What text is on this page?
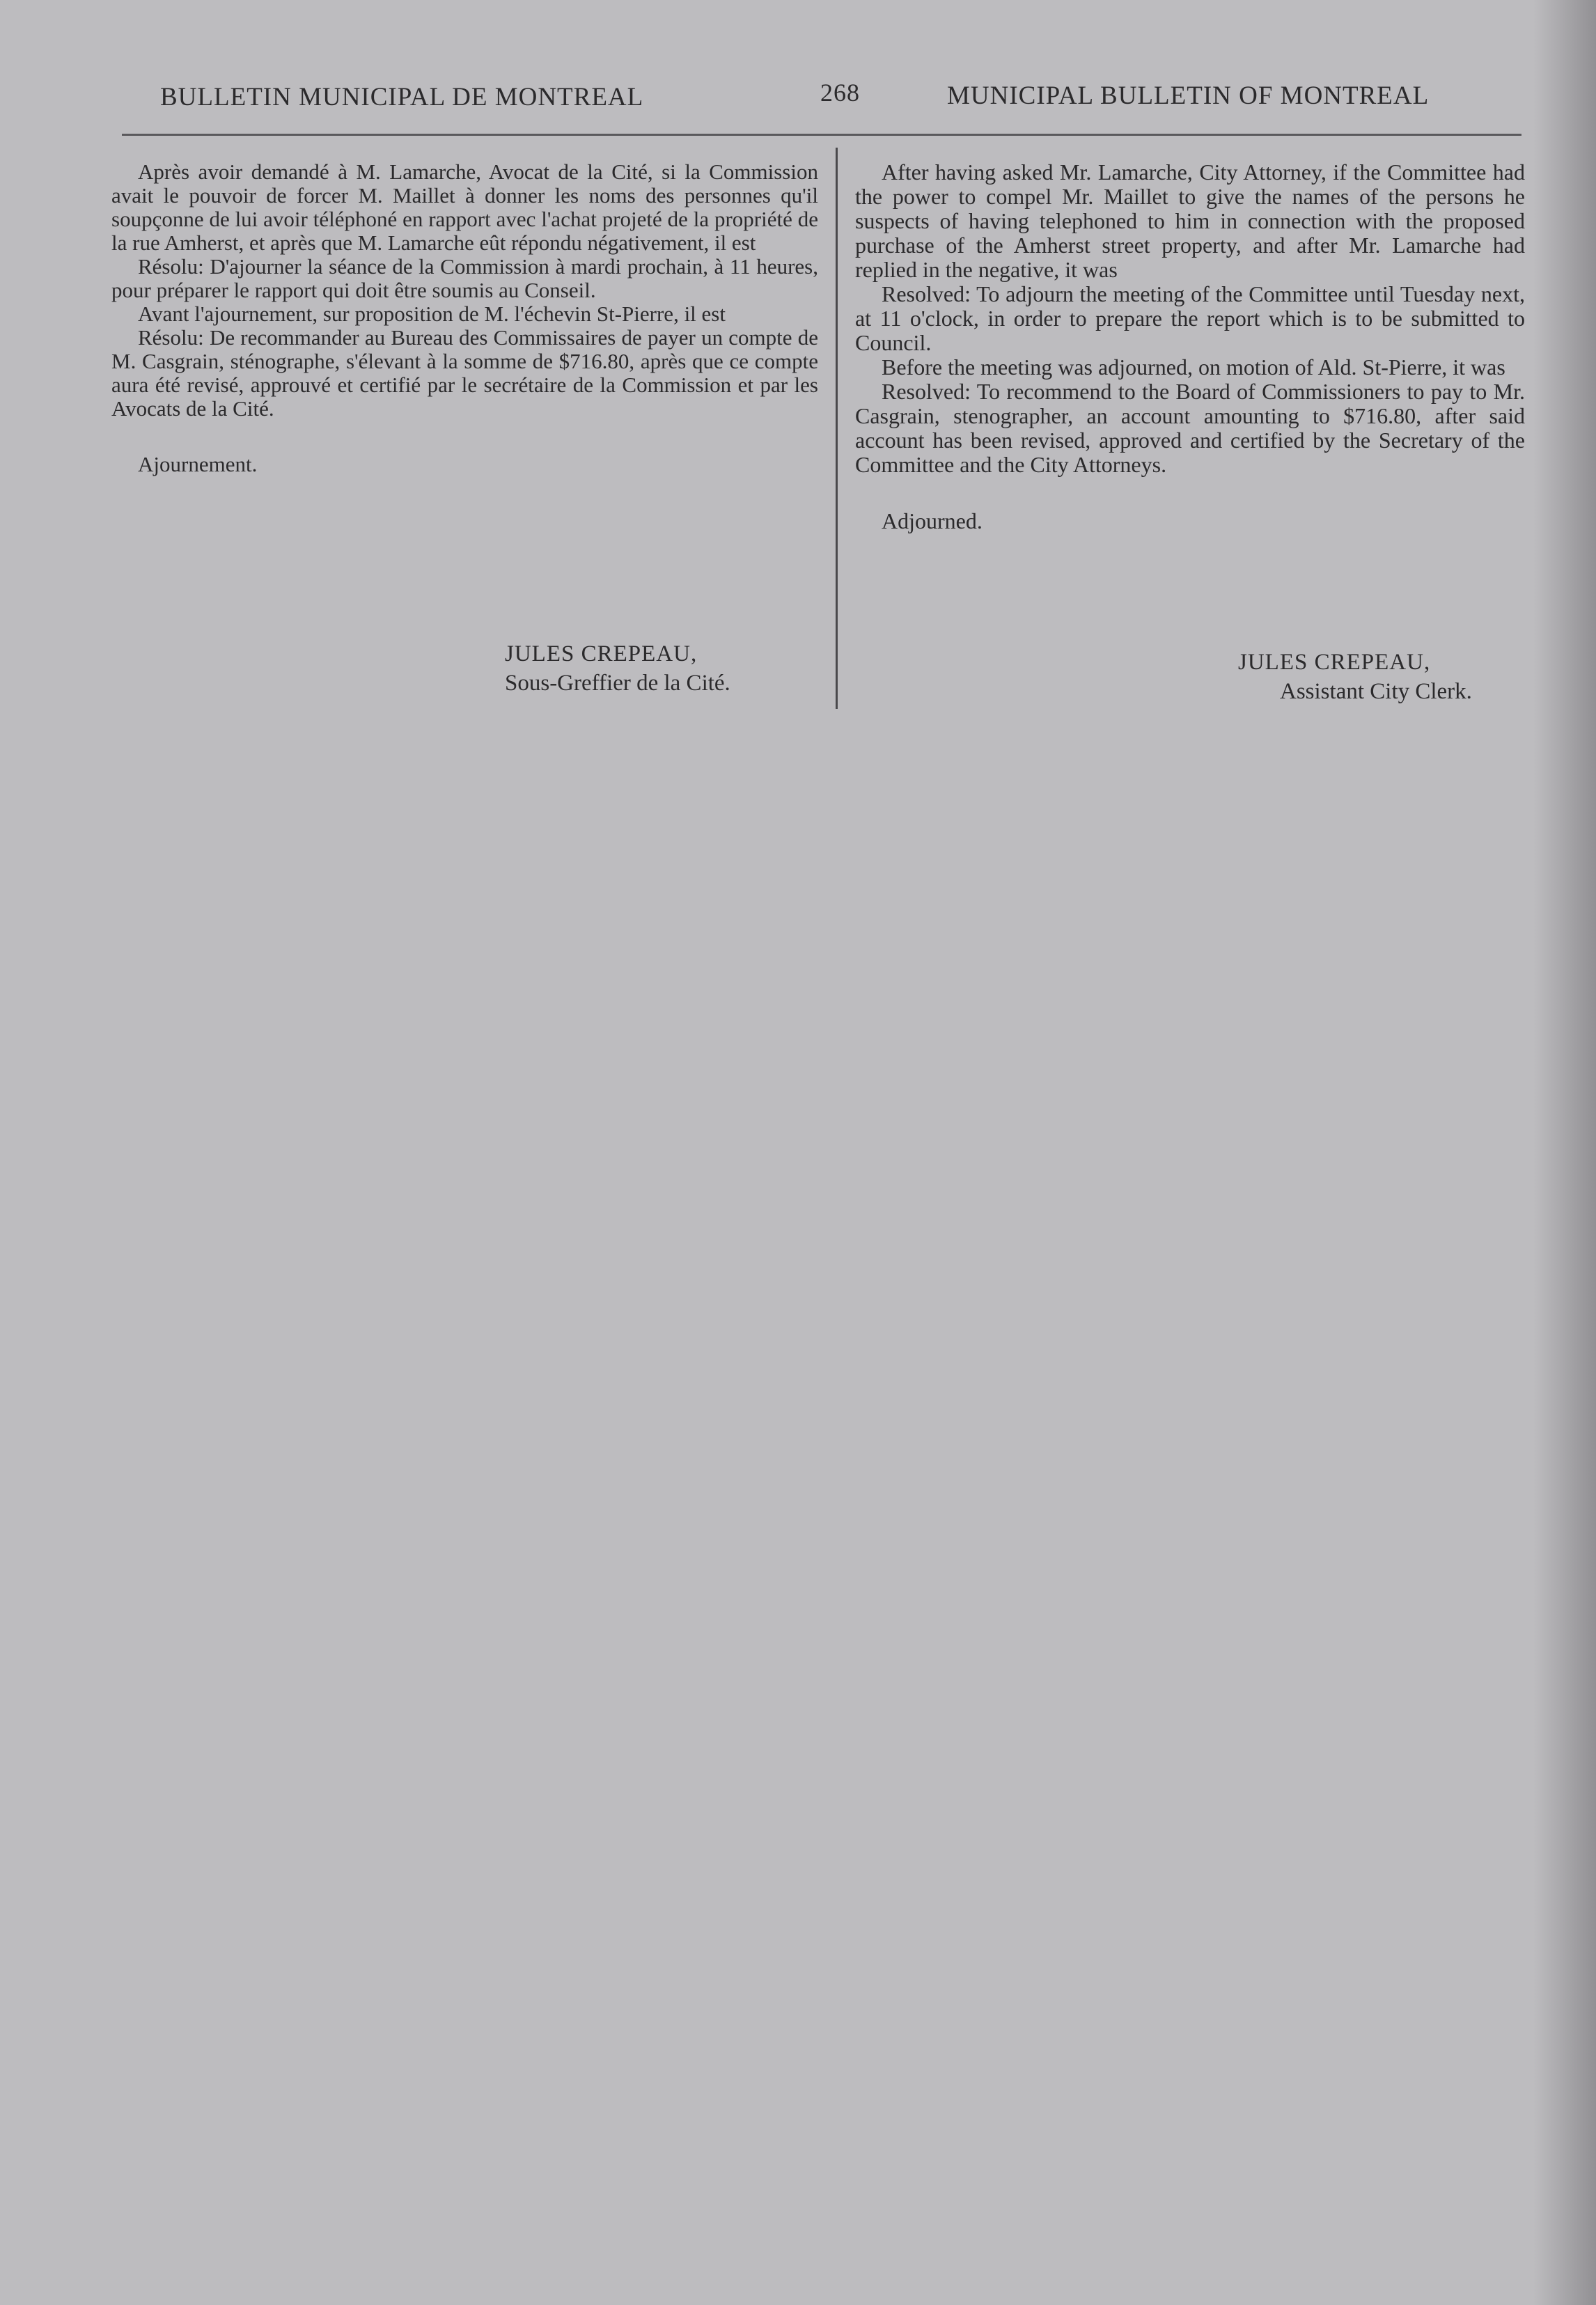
BULLETIN MUNICIPAL DE MONTREAL	268	MUNICIPAL BULLETIN OF MONTREAL

Après avoir demandé à M. Lamarche, Avocat de la Cité, si la Commission avait le pouvoir de forcer M. Maillet à donner les noms des personnes qu'il soupçonne de lui avoir téléphoné en rapport avec l'achat projeté de la propriété de la rue Amherst, et après que M. Lamarche eût répondu négativement, il est

Résolu: D'ajourner la séance de la Commission à mardi prochain, à 11 heures, pour préparer le rapport qui doit être soumis au Conseil.

Avant l'ajournement, sur proposition de M. l'échevin St-Pierre, il est

Résolu: De recommander au Bureau des Commissaires de payer un compte de M. Casgrain, sténographe, s'élevant à la somme de $716.80, après que ce compte aura été revisé, approuvé et certifié par le secrétaire de la Commission et par les Avocats de la Cité.

Ajournement.

JULES CREPEAU,
Sous-Greffier de la Cité.

After having asked Mr. Lamarche, City Attorney, if the Committee had the power to compel Mr. Maillet to give the names of the persons he suspects of having telephoned to him in connection with the proposed purchase of the Amherst street property, and after Mr. Lamarche had replied in the negative, it was

Resolved: To adjourn the meeting of the Committee until Tuesday next, at 11 o'clock, in order to prepare the report which is to be submitted to Council.

Before the meeting was adjourned, on motion of Ald. St-Pierre, it was

Resolved: To recommend to the Board of Commissioners to pay to Mr. Casgrain, stenographer, an account amounting to $716.80, after said account has been revised, approved and certified by the Secretary of the Committee and the City Attorneys.

Adjourned.

JULES CREPEAU,
Assistant City Clerk.
